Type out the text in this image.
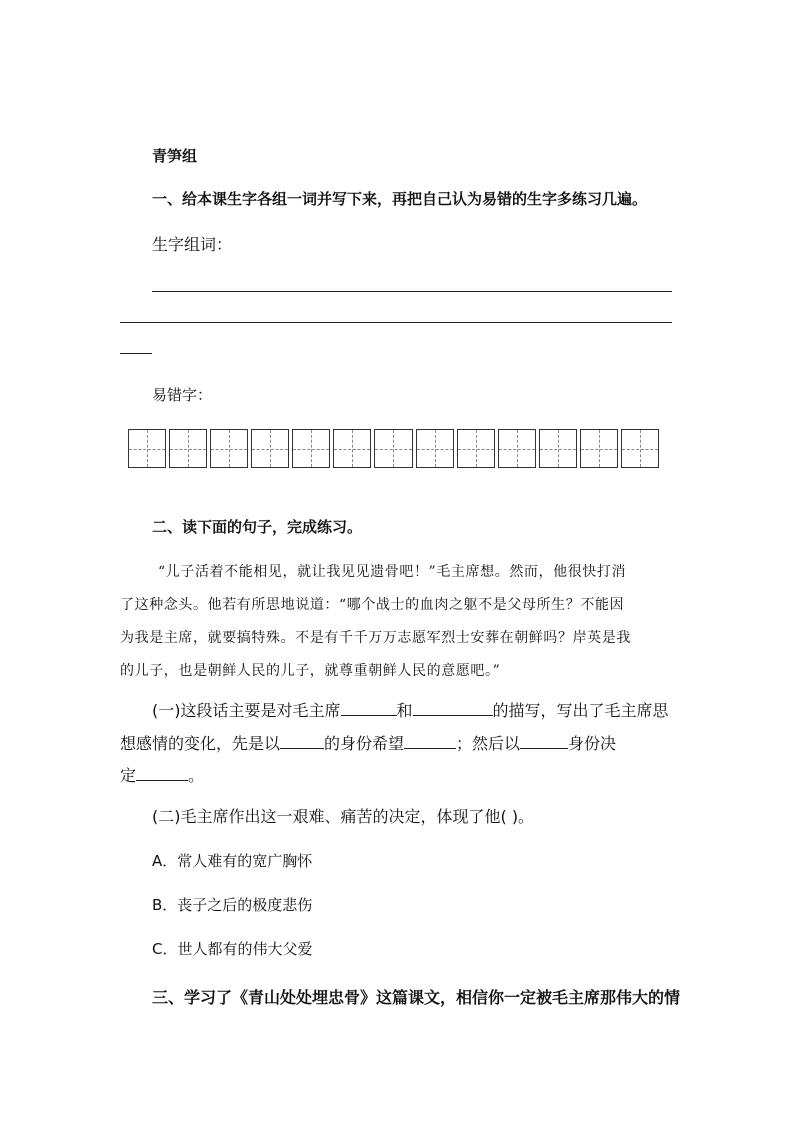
青笋组
一、给本课生字各组一词并写下来，再把自己认为易错的生字多练习几遍。
生字组词：
易错字：
二、读下面的句子，完成练习。
“儿子活着不能相见，就让我见见遗骨吧！”毛主席想。然而，他很快打消
了这种念头。他若有所思地说道：“哪个战士的血肉之躯不是父母所生？不能因
为我是主席，就要搞特殊。不是有千千万万志愿军烈士安葬在朝鲜吗？岸英是我
的儿子，也是朝鲜人民的儿子，就尊重朝鲜人民的意愿吧。”
(一)这段话主要是对毛主席	和	的描写，写出了毛主席思
想感情的变化，先是以	的身份希望	；然后以	身份决
定	。
(二)毛主席作出这一艰难、痛苦的决定，体现了他( )。
A．常人难有的宽广胸怀
B．丧子之后的极度悲伤
C．世人都有的伟大父爱
三、学习了《青山处处埋忠骨》这篇课文，相信你一定被毛主席那伟大的情
